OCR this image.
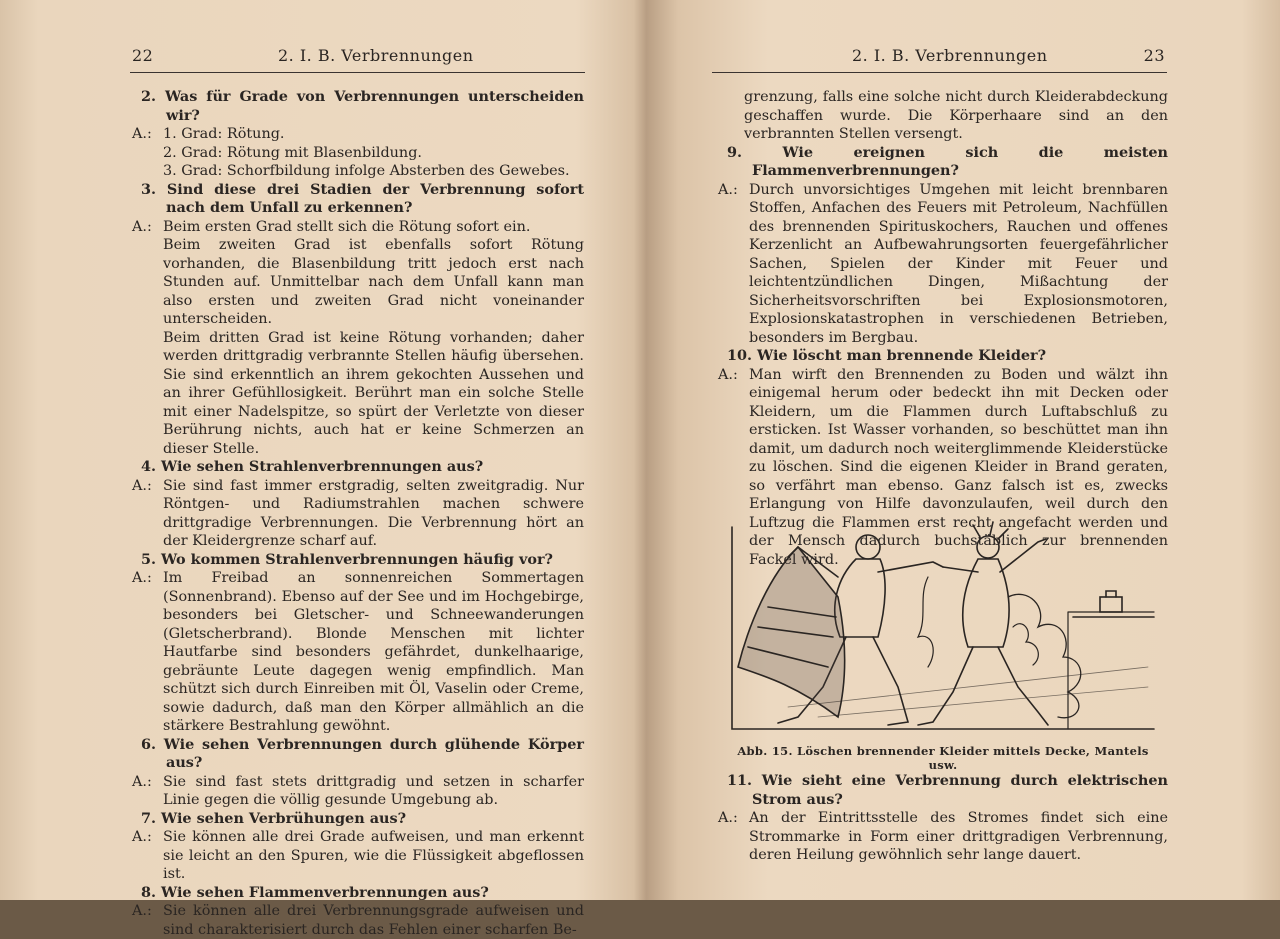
22	2. I. B. Verbrennungen

2. Was für Grade von Verbrennungen unterscheiden wir?

A.: 1. Grad: Rötung.
2. Grad: Rötung mit Blasenbildung.
3. Grad: Schorfbildung infolge Absterben des Gewebes.

3. Sind diese drei Stadien der Verbrennung sofort nach dem Unfall zu erkennen?

A.: Beim ersten Grad stellt sich die Rötung sofort ein.
Beim zweiten Grad ist ebenfalls sofort Rötung vorhanden, die Blasenbildung tritt jedoch erst nach Stunden auf. Unmittelbar nach dem Unfall kann man also ersten und zweiten Grad nicht voneinander unterscheiden.
Beim dritten Grad ist keine Rötung vorhanden; daher werden drittgradig verbrannte Stellen häufig übersehen. Sie sind erkenntlich an ihrem gekochten Aussehen und an ihrer Gefühllosigkeit. Berührt man ein solche Stelle mit einer Nadelspitze, so spürt der Verletzte von dieser Berührung nichts, auch hat er keine Schmerzen an dieser Stelle.

4. Wie sehen Strahlenverbrennungen aus?

A.: Sie sind fast immer erstgradig, selten zweitgradig. Nur Röntgen- und Radiumstrahlen machen schwere drittgradige Verbrennungen. Die Verbrennung hört an der Kleidergrenze scharf auf.

5. Wo kommen Strahlenverbrennungen häufig vor?

A.: Im Freibad an sonnenreichen Sommertagen (Sonnenbrand). Ebenso auf der See und im Hochgebirge, besonders bei Gletscher- und Schneewanderungen (Gletscherbrand). Blonde Menschen mit lichter Hautfarbe sind besonders gefährdet, dunkelhaarige, gebräunte Leute dagegen wenig empfindlich. Man schützt sich durch Einreiben mit Öl, Vaselin oder Creme, sowie dadurch, daß man den Körper allmählich an die stärkere Bestrahlung gewöhnt.

6. Wie sehen Verbrennungen durch glühende Körper aus?

A.: Sie sind fast stets drittgradig und setzen in scharfer Linie gegen die völlig gesunde Umgebung ab.

7. Wie sehen Verbrühungen aus?

A.: Sie können alle drei Grade aufweisen, und man erkennt sie leicht an den Spuren, wie die Flüssigkeit abgeflossen ist.

8. Wie sehen Flammenverbrennungen aus?

A.: Sie können alle drei Verbrennungsgrade aufweisen und sind charakterisiert durch das Fehlen einer scharfen Be-
2. I. B. Verbrennungen	23

grenzung, falls eine solche nicht durch Kleiderabdeckung geschaffen wurde. Die Körperhaare sind an den verbrannten Stellen versengt.

9. Wie ereignen sich die meisten Flammenverbrennungen?

A.: Durch unvorsichtiges Umgehen mit leicht brennbaren Stoffen, Anfachen des Feuers mit Petroleum, Nachfüllen des brennenden Spirituskochers, Rauchen und offenes Kerzenlicht an Aufbewahrungsorten feuergefährlicher Sachen, Spielen der Kinder mit Feuer und leichtentzündlichen Dingen, Mißachtung der Sicherheitsvorschriften bei Explosionsmotoren, Explosionskatastrophen in verschiedenen Betrieben, besonders im Bergbau.

10. Wie löscht man brennende Kleider?

A.: Man wirft den Brennenden zu Boden und wälzt ihn einigemal herum oder bedeckt ihn mit Decken oder Kleidern, um die Flammen durch Luftabschluß zu ersticken. Ist Wasser vorhanden, so beschüttet man ihn damit, um dadurch noch weiterglimmende Kleiderstücke zu löschen. Sind die eigenen Kleider in Brand geraten, so verfährt man ebenso. Ganz falsch ist es, zwecks Erlangung von Hilfe davonzulaufen, weil durch den Luftzug die Flammen erst recht angefacht werden und der Mensch dadurch buchstäblich zur brennenden Fackel wird.
Abb. 15. Löschen brennender Kleider mittels Decke, Mantels usw.

11. Wie sieht eine Verbrennung durch elektrischen Strom aus?

A.: An der Eintrittsstelle des Stromes findet sich eine Strommarke in Form einer drittgradigen Verbrennung, deren Heilung gewöhnlich sehr lange dauert.
